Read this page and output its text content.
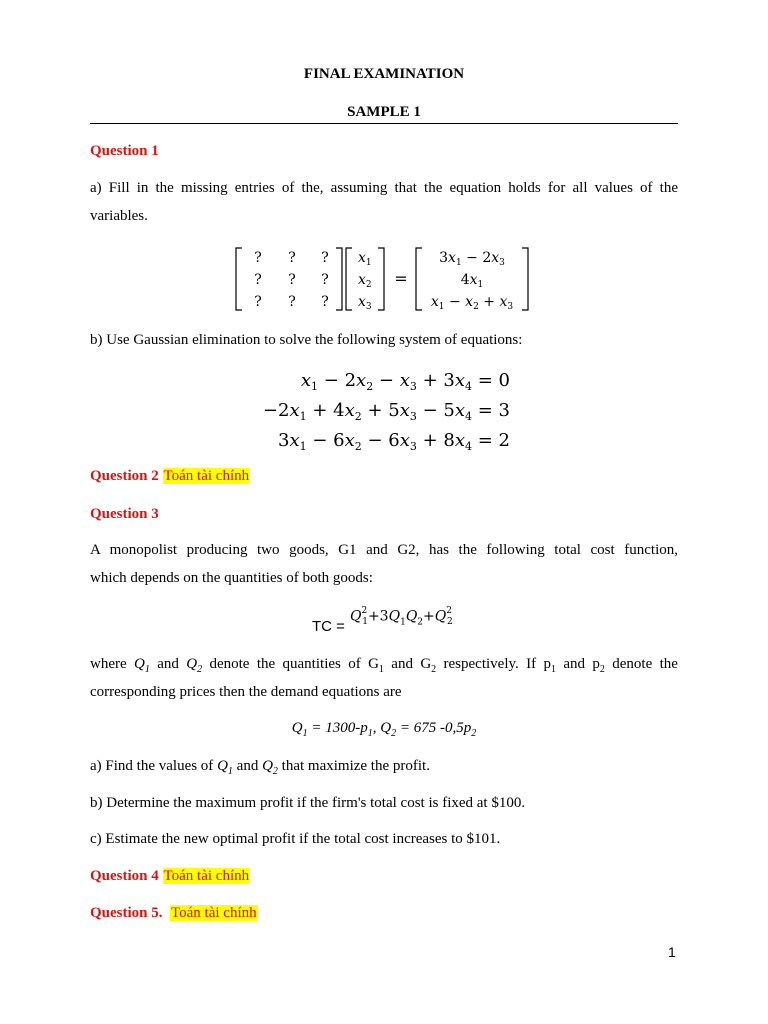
FINAL EXAMINATION
SAMPLE 1
Question 1
a) Fill in the missing entries of the, assuming that the equation holds for all values of the
variables.
? ? ?
? ? ?
? ? ?
$x_1$
$x_2$
$x_3$
=
$3x_1 - 2x_3$
$4x_1$
$x_1 - x_2 + x_3$
b) Use Gaussian elimination to solve the following system of equations:
$x_1 - 2x_2 - x_3 + 3x_4 = 0$
$-2x_1 + 4x_2 + 5x_3 - 5x_4 = 3$
$3x_1 - 6x_2 - 6x_3 + 8x_4 = 2$
Question 2 Toán tài chính
Question 3
A monopolist producing two goods, G1 and G2, has the following total cost function,
which depends on the quantities of both goods:
TC =
$Q^2_1+3Q_1Q_2+Q^2_2$
where $Q_1$ and $Q_2$ denote the quantities of $G_1$ and $G_2$ respectively. If $p_1$ and $p_2$ denote the
corresponding prices then the demand equations are
$Q_1 = 1300-p_1$, $Q_2 = 675$ $-0,5p_2$
a) Find the values of $Q_1$ and $Q_2$ that maximize the profit.
b) Determine the maximum profit if the firm's total cost is fixed at $100.
c) Estimate the new optimal profit if the total cost increases to $101.
Question 4 Toán tài chính
Question 5. Toán tài chính
1
